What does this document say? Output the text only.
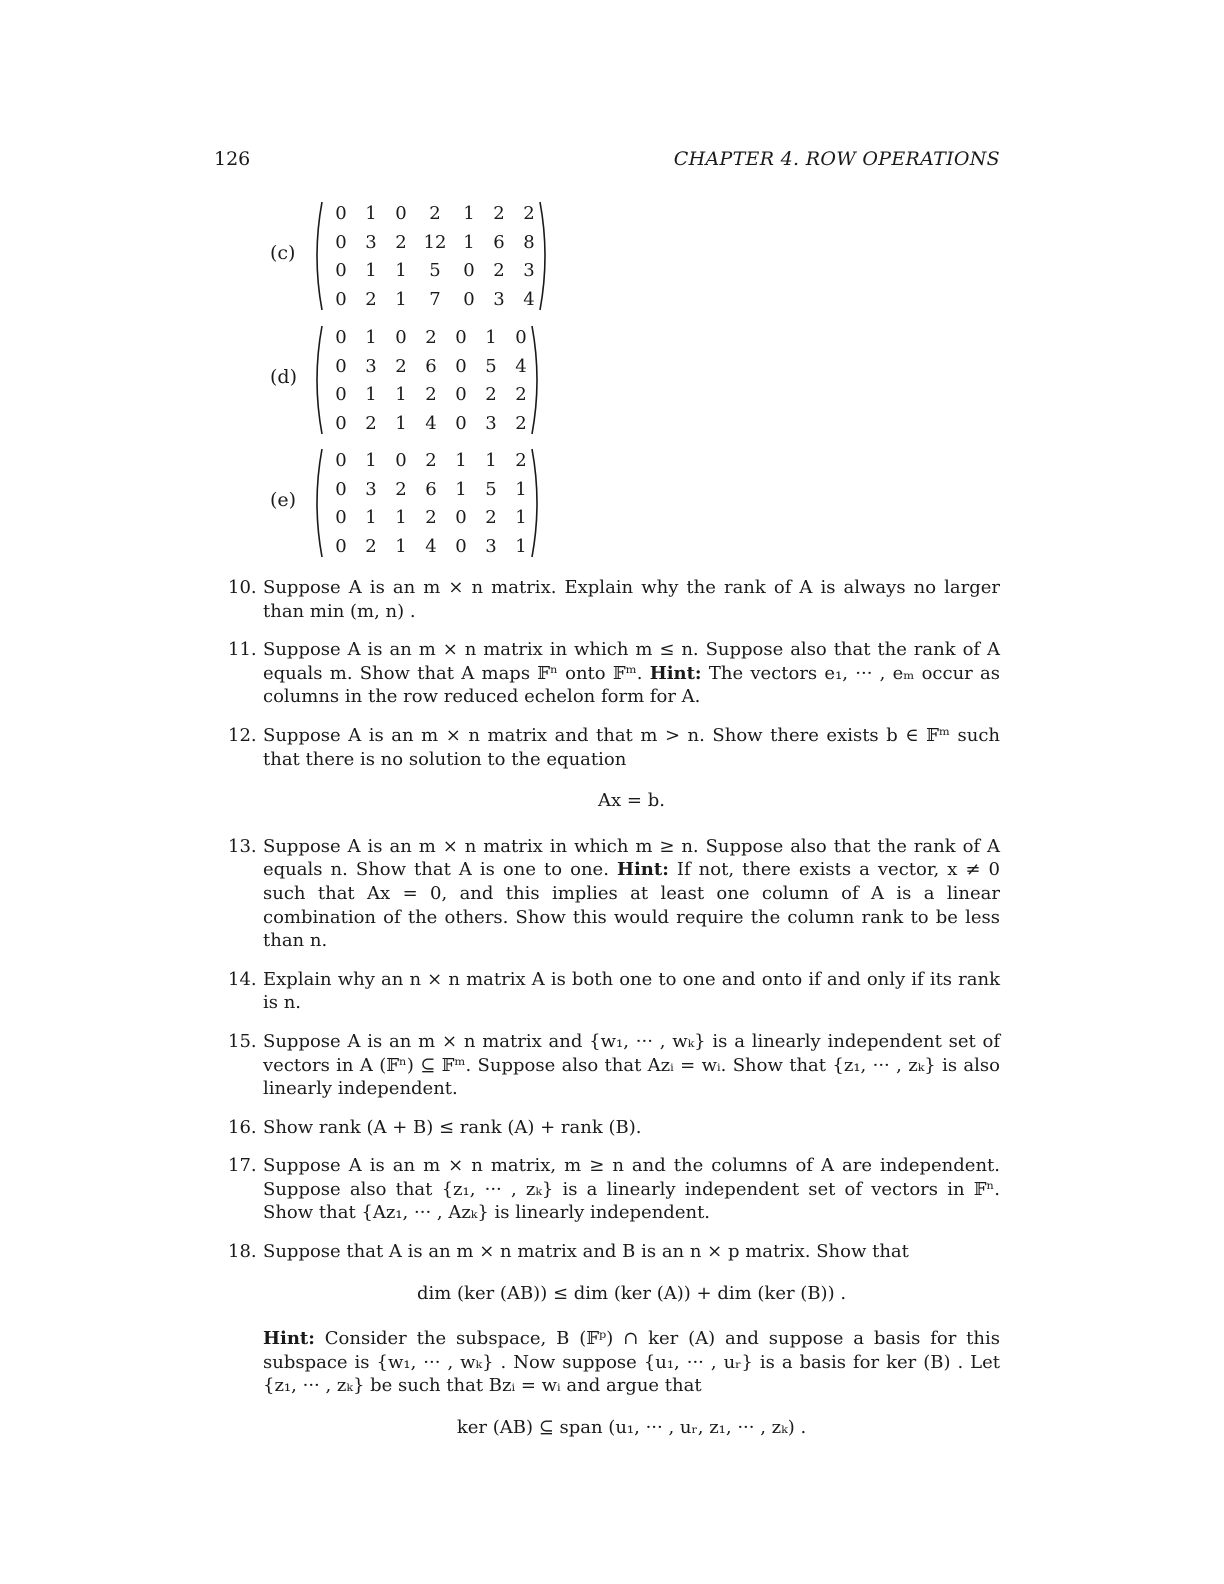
126	CHAPTER 4. ROW OPERATIONS
(c)
0	1	0	2	1	2	2
0	3	2	12	1	6	8
0	1	1	5	0	2	3
0	2	1	7	0	3	4
(d)
0	1	0	2	0	1	0
0	3	2	6	0	5	4
0	1	1	2	0	2	2
0	2	1	4	0	3	2
(e)
0	1	0	2	1	1	2
0	3	2	6	1	5	1
0	1	1	2	0	2	1
0	2	1	4	0	3	1
10. Suppose A is an m × n matrix. Explain why the rank of A is always no larger than min (m, n) .
11. Suppose A is an m × n matrix in which m ≤ n. Suppose also that the rank of A equals m. Show that A maps 𝔽ⁿ onto 𝔽ᵐ. Hint: The vectors e₁, ··· , eₘ occur as columns in the row reduced echelon form for A.
12. Suppose A is an m × n matrix and that m > n. Show there exists b ∈ 𝔽ᵐ such that there is no solution to the equation
Ax = b.
13. Suppose A is an m × n matrix in which m ≥ n. Suppose also that the rank of A equals n. Show that A is one to one. Hint: If not, there exists a vector, x ≠ 0 such that Ax = 0, and this implies at least one column of A is a linear combination of the others. Show this would require the column rank to be less than n.
14. Explain why an n × n matrix A is both one to one and onto if and only if its rank is n.
15. Suppose A is an m × n matrix and {w₁, ··· , wₖ} is a linearly independent set of vectors in A (𝔽ⁿ) ⊆ 𝔽ᵐ. Suppose also that Azᵢ = wᵢ. Show that {z₁, ··· , zₖ} is also linearly independent.
16. Show rank (A + B) ≤ rank (A) + rank (B).
17. Suppose A is an m × n matrix, m ≥ n and the columns of A are independent. Suppose also that {z₁, ··· , zₖ} is a linearly independent set of vectors in 𝔽ⁿ. Show that {Az₁, ··· , Azₖ} is linearly independent.
18. Suppose that A is an m × n matrix and B is an n × p matrix. Show that
dim (ker (AB)) ≤ dim (ker (A)) + dim (ker (B)) .
Hint: Consider the subspace, B (𝔽ᵖ) ∩ ker (A) and suppose a basis for this subspace is {w₁, ··· , wₖ} . Now suppose {u₁, ··· , uᵣ} is a basis for ker (B) . Let {z₁, ··· , zₖ} be such that Bzᵢ = wᵢ and argue that
ker (AB) ⊆ span (u₁, ··· , uᵣ, z₁, ··· , zₖ) .
